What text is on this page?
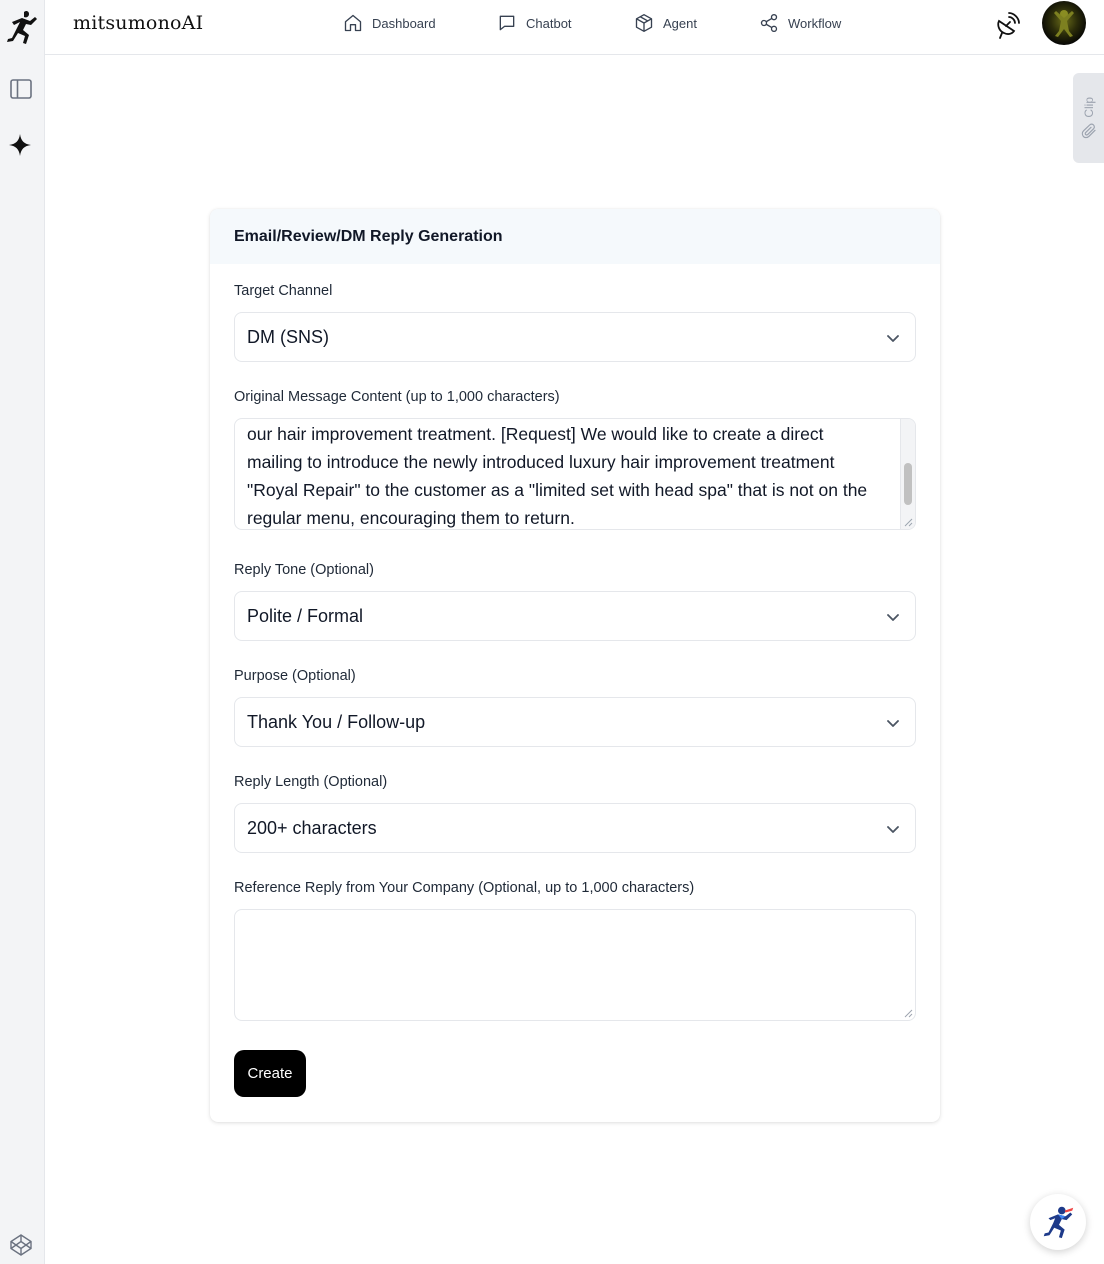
mitsumonoAI	Dashboard	Chatbot	Agent	Workflow
Clip
Email/Review/DM Reply Generation
Target Channel
DM (SNS)
Original Message Content (up to 1,000 characters)
our hair improvement treatment. [Request] We would like to create a direct mailing to introduce the newly introduced luxury hair improvement treatment "Royal Repair" to the customer as a "limited set with head spa" that is not on the regular menu, encouraging them to return.
Reply Tone (Optional)
Polite / Formal
Purpose (Optional)
Thank You / Follow-up
Reply Length (Optional)
200+ characters
Reference Reply from Your Company (Optional, up to 1,000 characters)
Create
